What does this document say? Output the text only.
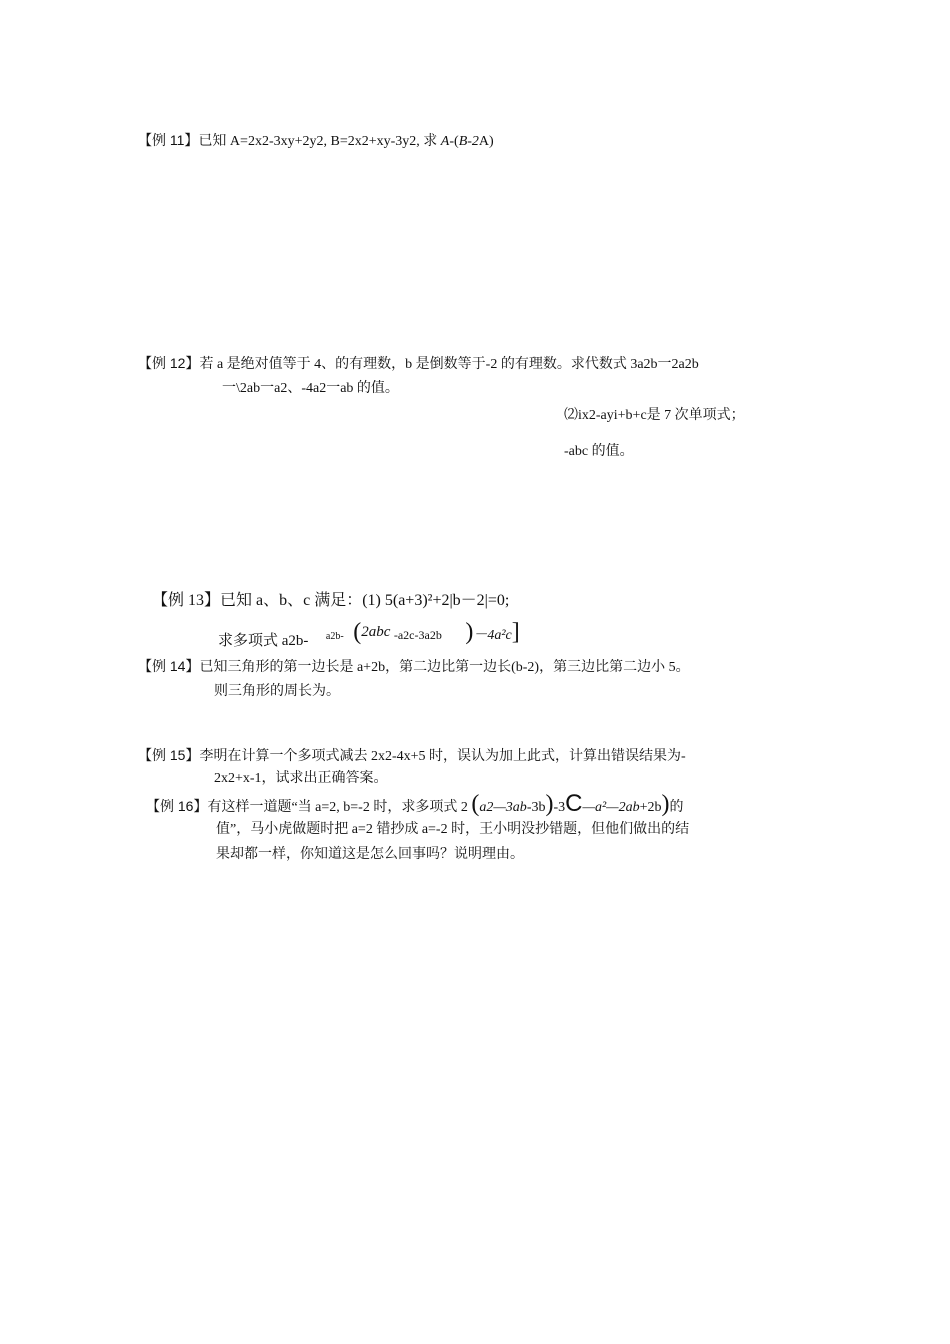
【例 11】已知 A=2x2-3xy+2y2, B=2x2+xy-3y2, 求 A-(B-2A)
【例 12】若 a 是绝对值等于 4、的有理数，b 是倒数等于-2 的有理数。求代数式 3a2b一2a2b
一\2ab一a2、-4a2一ab 的值。
⑵ix2-ayi+b+c是 7 次单项式；
-abc 的值。
【例 13】已知 a、b、c 满足：(1) 5(a+3)²+2|b－2|=0;
求多项式 a2b- a2b- (2abc -a2c-3a2b )－4a²c]
【例 14】已知三角形的第一边长是 a+2b，第二边比第一边长(b-2)，第三边比第二边小 5。
则三角形的周长为。
【例 15】李明在计算一个多项式减去 2x2-4x+5 时，误认为加上此式，计算出错误结果为-
2x2+x-1，试求出正确答案。
【例 16】有这样一道题“当 a=2, b=-2 时，求多项式 2 (a2—3ab-3b)-3C—a²—2ab+2b)的
值”，马小虎做题时把 a=2 错抄成 a=-2 时，王小明没抄错题，但他们做出的结
果却都一样，你知道这是怎么回事吗？说明理由。
